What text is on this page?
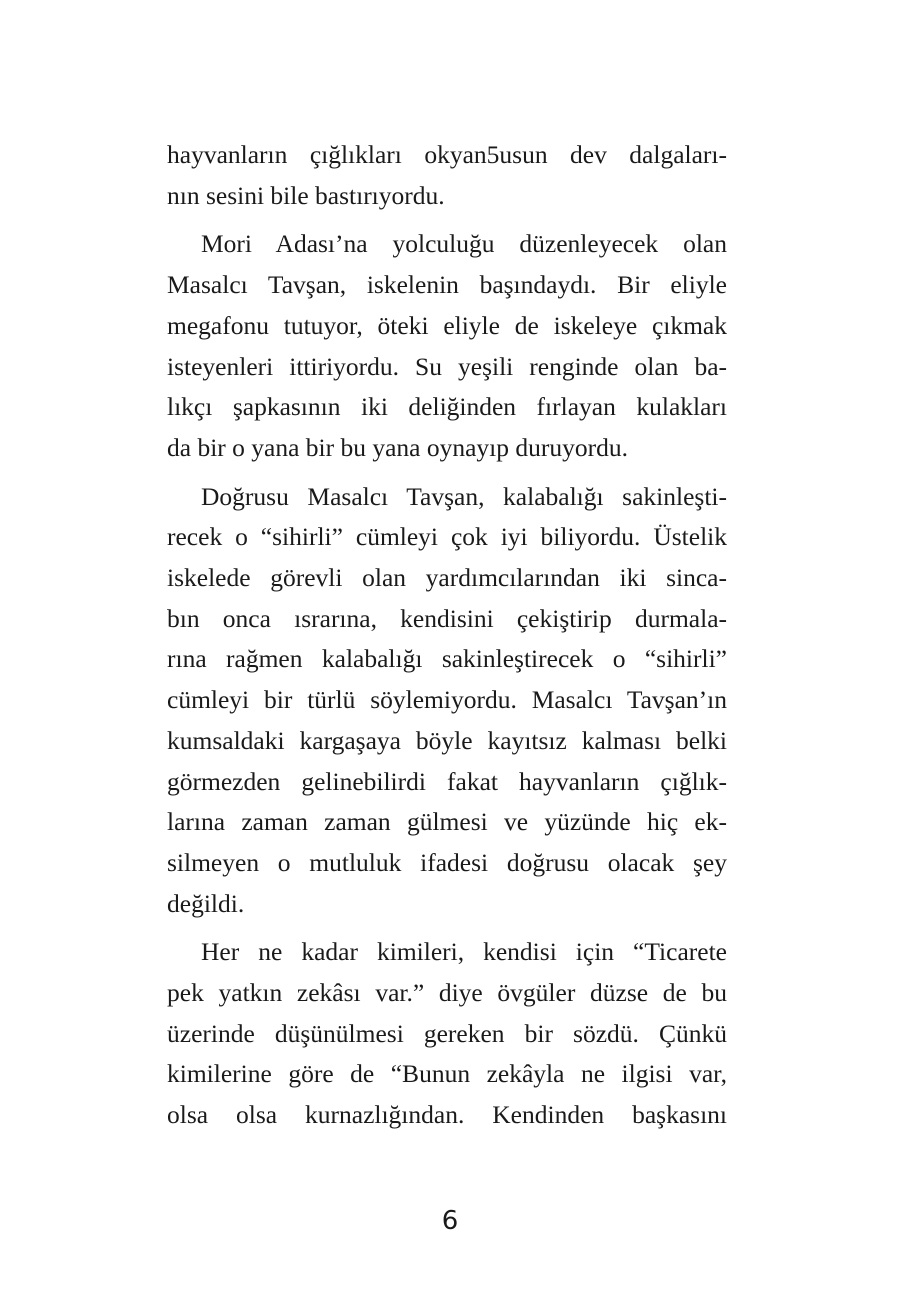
hayvanların çığlıkları okyan5usun dev dalgaları-
nın sesini bile bastırıyordu.

Mori Adası’na yolculuğu düzenleyecek olan
Masalcı Tavşan, iskelenin başındaydı. Bir eliyle
megafonu tutuyor, öteki eliyle de iskeleye çıkmak
isteyenleri ittiriyordu. Su yeşili renginde olan ba-
lıkçı şapkasının iki deliğinden fırlayan kulakları
da bir o yana bir bu yana oynayıp duruyordu.

Doğrusu Masalcı Tavşan, kalabalığı sakinleşti-
recek o “sihirli” cümleyi çok iyi biliyordu. Üstelik
iskelede görevli olan yardımcılarından iki sinca-
bın onca ısrarına, kendisini çekiştirip durmala-
rına rağmen kalabalığı sakinleştirecek o “sihirli”
cümleyi bir türlü söylemiyordu. Masalcı Tavşan’ın
kumsaldaki kargaşaya böyle kayıtsız kalması belki
görmezden gelinebilirdi fakat hayvanların çığlık-
larına zaman zaman gülmesi ve yüzünde hiç ek-
silmeyen o mutluluk ifadesi doğrusu olacak şey
değildi.

Her ne kadar kimileri, kendisi için “Ticarete
pek yatkın zekâsı var.” diye övgüler düzse de bu
üzerinde düşünülmesi gereken bir sözdü. Çünkü
kimilerine göre de “Bunun zekâyla ne ilgisi var,
olsa olsa kurnazlığından. Kendinden başkasını

6
